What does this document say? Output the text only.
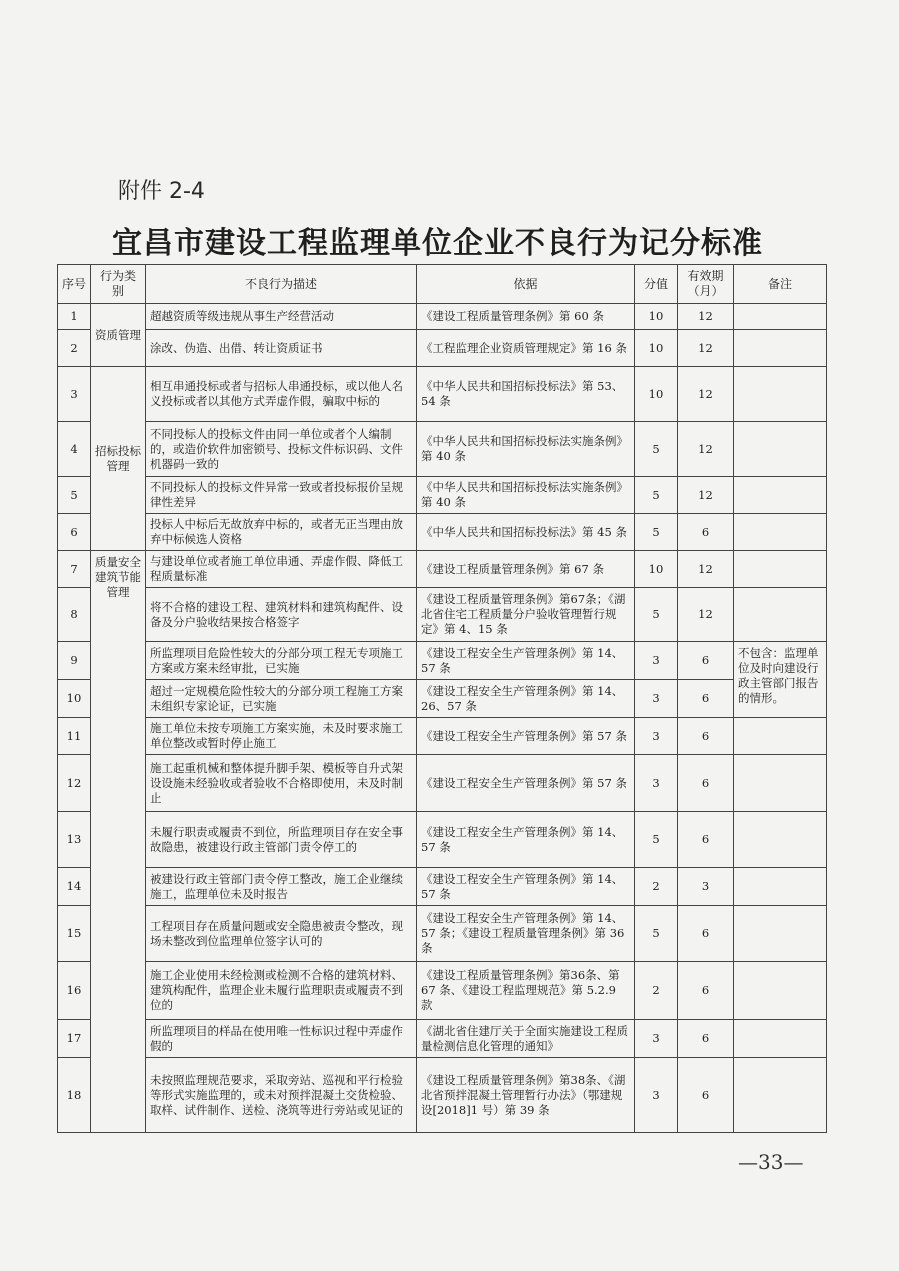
附件 2-4
宜昌市建设工程监理单位企业不良行为记分标准
序号	行为类别	不良行为描述	依据	分值	有效期（月）	备注
1	资质管理	超越资质等级违规从事生产经营活动	《建设工程质量管理条例》第 60 条	10	12	
2		涂改、伪造、出借、转让资质证书	《工程监理企业资质管理规定》第 16 条	10	12	
3	招标投标管理	相互串通投标或者与招标人串通投标，或以他人名义投标或者以其他方式弄虚作假，骗取中标的	《中华人民共和国招标投标法》第 53、54 条	10	12	
4		不同投标人的投标文件由同一单位或者个人编制的，或造价软件加密锁号、投标文件标识码、文件机器码一致的	《中华人民共和国招标投标法实施条例》第 40 条	5	12	
5		不同投标人的投标文件异常一致或者投标报价呈规律性差异	《中华人民共和国招标投标法实施条例》第 40 条	5	12	
6		投标人中标后无故放弃中标的，或者无正当理由放弃中标候选人资格	《中华人民共和国招标投标法》第 45 条	5	6	
7	质量安全建筑节能管理	与建设单位或者施工单位串通、弄虚作假、降低工程质量标准	《建设工程质量管理条例》第 67 条	10	12	
8		将不合格的建设工程、建筑材料和建筑构配件、设备及分户验收结果按合格签字	《建设工程质量管理条例》第67条；《湖北省住宅工程质量分户验收管理暂行规定》第 4、15 条	5	12	
9		所监理项目危险性较大的分部分项工程无专项施工方案或方案未经审批，已实施	《建设工程安全生产管理条例》第 14、57 条	3	6	不包含：监理单位及时向建设行政主管部门报告的情形。
10		超过一定规模危险性较大的分部分项工程施工方案未组织专家论证，已实施	《建设工程安全生产管理条例》第 14、26、57 条	3	6	
11		施工单位未按专项施工方案实施，未及时要求施工单位整改或暂时停止施工	《建设工程安全生产管理条例》第 57 条	3	6	
12		施工起重机械和整体提升脚手架、模板等自升式架设设施未经验收或者验收不合格即使用，未及时制止	《建设工程安全生产管理条例》第 57 条	3	6	
13		未履行职责或履责不到位，所监理项目存在安全事故隐患，被建设行政主管部门责令停工的	《建设工程安全生产管理条例》第 14、57 条	5	6	
14		被建设行政主管部门责令停工整改，施工企业继续施工，监理单位未及时报告	《建设工程安全生产管理条例》第 14、57 条	2	3	
15		工程项目存在质量问题或安全隐患被责令整改，现场未整改到位监理单位签字认可的	《建设工程安全生产管理条例》第 14、57 条；《建设工程质量管理条例》第 36 条	5	6	
16		施工企业使用未经检测或检测不合格的建筑材料、建筑构配件，监理企业未履行监理职责或履责不到位的	《建设工程质量管理条例》第36条、第 67 条、《建设工程监理规范》第 5.2.9 款	2	6	
17		所监理项目的样品在使用唯一性标识过程中弄虚作假的	《湖北省住建厅关于全面实施建设工程质量检测信息化管理的通知》	3	6	
18		未按照监理规范要求，采取旁站、巡视和平行检验等形式实施监理的，或未对预拌混凝土交货检验、取样、试件制作、送检、浇筑等进行旁站或见证的	《建设工程质量管理条例》第38条、《湖北省预拌混凝土管理暂行办法》（鄂建规设[2018]1 号）第 39 条	3	6	
—33—
